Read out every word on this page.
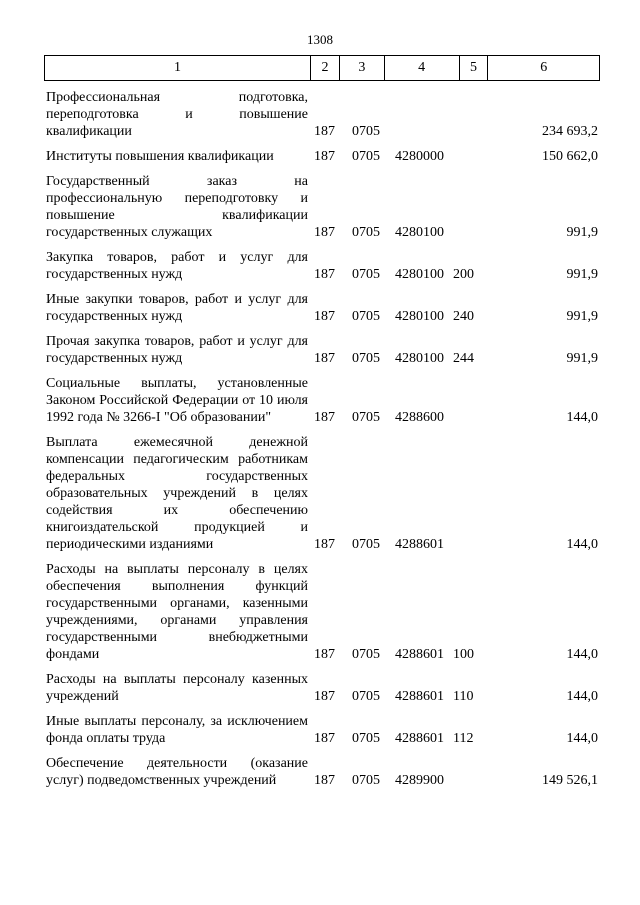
1308
1	2	3	4	5	6
Профессиональная подготовка, переподготовка и повышение квалификации	187 0705	234 693,2
Институты повышения квалификации	187 0705 4280000	150 662,0
Государственный заказ на профессиональную переподготовку и повышение квалификации государственных служащих	187 0705 4280100	991,9
Закупка товаров, работ и услуг для государственных нужд	187 0705 4280100 200	991,9
Иные закупки товаров, работ и услуг для государственных нужд	187 0705 4280100 240	991,9
Прочая закупка товаров, работ и услуг для государственных нужд	187 0705 4280100 244	991,9
Социальные выплаты, установленные Законом Российской Федерации от 10 июля 1992 года № 3266-I "Об образовании"	187 0705 4288600	144,0
Выплата ежемесячной денежной компенсации педагогическим работникам федеральных государственных образовательных учреждений в целях содействия их обеспечению книгоиздательской продукцией и периодическими изданиями	187 0705 4288601	144,0
Расходы на выплаты персоналу в целях обеспечения выполнения функций государственными органами, казенными учреждениями, органами управления государственными внебюджетными фондами	187 0705 4288601 100	144,0
Расходы на выплаты персоналу казенных учреждений	187 0705 4288601 110	144,0
Иные выплаты персоналу, за исключением фонда оплаты труда	187 0705 4288601 112	144,0
Обеспечение деятельности (оказание услуг) подведомственных учреждений	187 0705 4289900	149 526,1
